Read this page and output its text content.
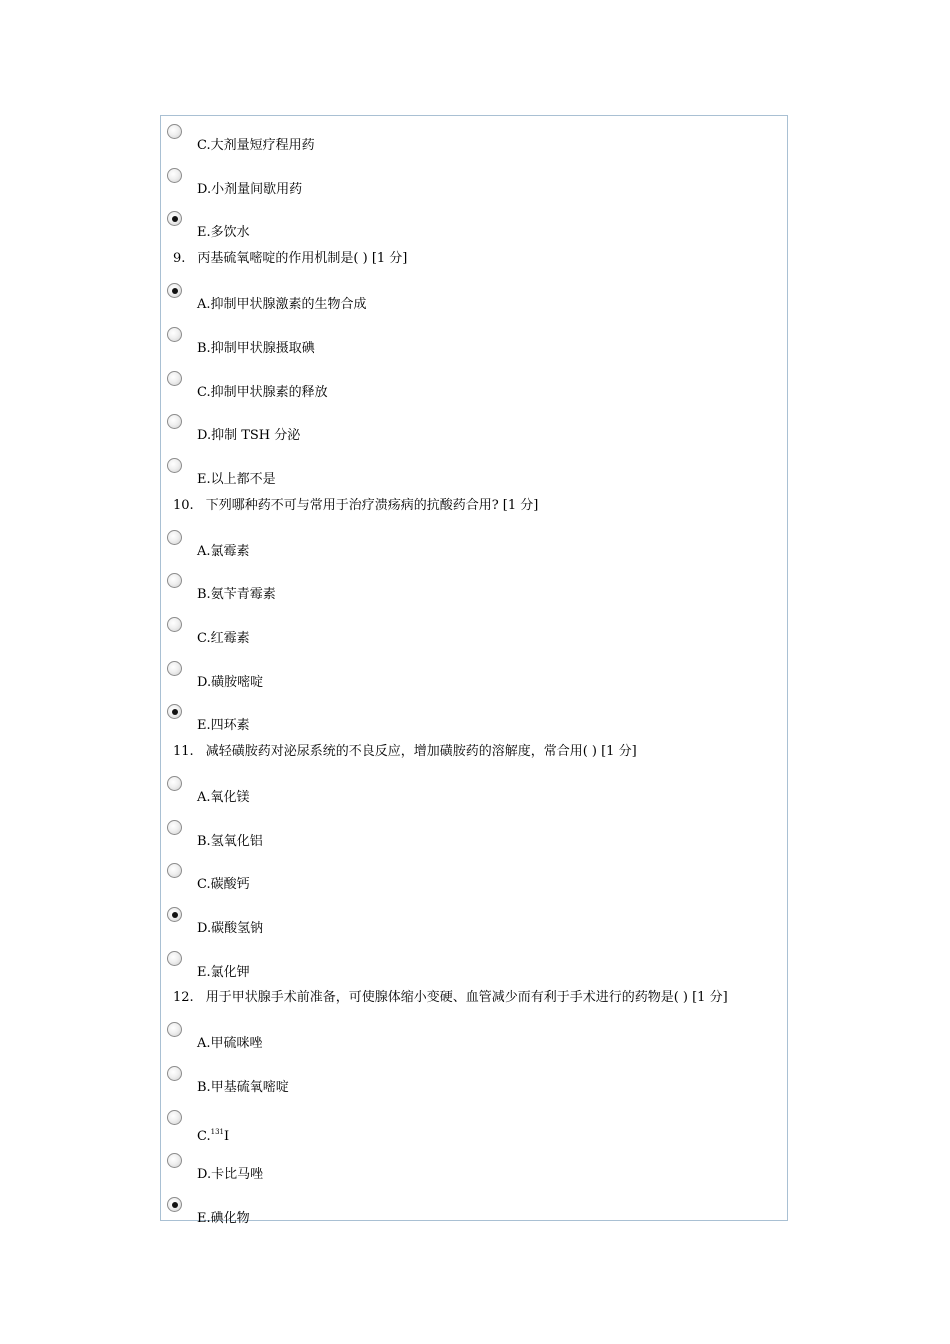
C.大剂量短疗程用药
D.小剂量间歇用药
E.多饮水
9. 丙基硫氧嘧啶的作用机制是( ) [1 分]
A.抑制甲状腺激素的生物合成
B.抑制甲状腺摄取碘
C.抑制甲状腺素的释放
D.抑制 TSH 分泌
E.以上都不是
10. 下列哪种药不可与常用于治疗溃疡病的抗酸药合用? [1 分]
A.氯霉素
B.氨苄青霉素
C.红霉素
D.磺胺嘧啶
E.四环素
11. 减轻磺胺药对泌尿系统的不良反应，增加磺胺药的溶解度，常合用( ) [1 分]
A.氧化镁
B.氢氧化铝
C.碳酸钙
D.碳酸氢钠
E.氯化钾
12. 用于甲状腺手术前准备，可使腺体缩小变硬、血管减少而有利于手术进行的药物是( ) [1 分]
A.甲硫咪唑
B.甲基硫氧嘧啶
C.$^{131}$I
D.卡比马唑
E.碘化物
